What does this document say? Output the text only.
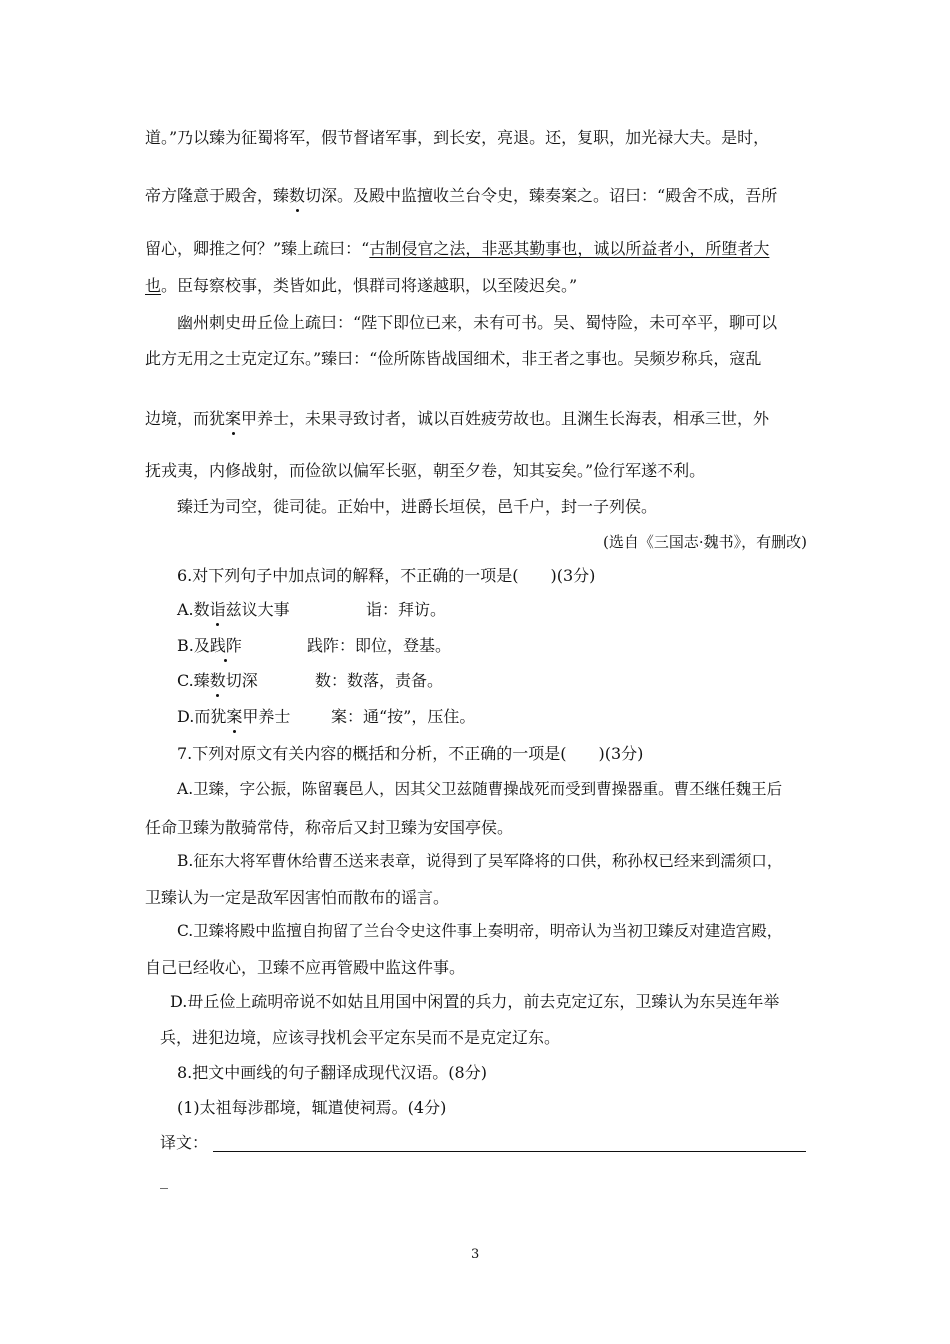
道。”乃以臻为征蜀将军，假节督诸军事，到长安，亮退。还，复职，加光禄大夫。是时，
帝方隆意于殿舍，臻数切深。及殿中监擅收兰台令史，臻奏案之。诏曰：“殿舍不成，吾所
留心，卿推之何？”臻上疏曰：“古制侵官之法，非恶其勤事也，诚以所益者小，所堕者大
也。臣每察校事，类皆如此，惧群司将遂越职，以至陵迟矣。”
幽州刺史毌丘俭上疏曰：“陛下即位已来，未有可书。吴、蜀恃险，未可卒平，聊可以
此方无用之士克定辽东。”臻曰：“俭所陈皆战国细术，非王者之事也。吴频岁称兵，寇乱
边境，而犹案甲养士，未果寻致讨者，诚以百姓疲劳故也。且渊生长海表，相承三世，外
抚戎夷，内修战射，而俭欲以偏军长驱，朝至夕卷，知其妄矣。”俭行军遂不利。
臻迁为司空，徙司徒。正始中，进爵长垣侯，邑千户，封一子列侯。
(选自《三国志·魏书》，有删改)
6.对下列句子中加点词的解释，不正确的一项是(　　)(3分)
A.数诣兹议大事	诣：拜访。
B.及践阼	践阼：即位，登基。
C.臻数切深	数：数落，责备。
D.而犹案甲养士	案：通“按”，压住。
7.下列对原文有关内容的概括和分析，不正确的一项是(　　)(3分)
A.卫臻，字公振，陈留襄邑人，因其父卫兹随曹操战死而受到曹操器重。曹丕继任魏王后
任命卫臻为散骑常侍，称帝后又封卫臻为安国亭侯。
B.征东大将军曹休给曹丕送来表章，说得到了吴军降将的口供，称孙权已经来到濡须口，
卫臻认为一定是敌军因害怕而散布的谣言。
C.卫臻将殿中监擅自拘留了兰台令史这件事上奏明帝，明帝认为当初卫臻反对建造宫殿，
自己已经收心，卫臻不应再管殿中监这件事。
D.毌丘俭上疏明帝说不如姑且用国中闲置的兵力，前去克定辽东，卫臻认为东吴连年举
兵，进犯边境，应该寻找机会平定东吴而不是克定辽东。
8.把文中画线的句子翻译成现代汉语。(8分)
(1)太祖每涉郡境，辄遣使祠焉。(4分)
译文：
_
3
